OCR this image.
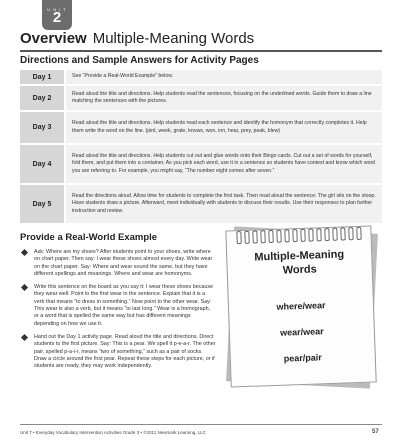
U N I T
2
Overview Multiple-Meaning Words
Directions and Sample Answers for Activity Pages
Day 1	See “Provide a Real-World Example” below.
Day 2	Read aloud the title and directions. Help students read the sentences, focusing on the underlined words. Guide them to draw a line matching the sentences with the pictures.
Day 3	Read aloud the title and directions. Help students read each sentence and identify the homonym that correctly completes it. Help them write the word on the line. (pint, week, grate, knows, won, inn, hear, prey, peak, blew)
Day 4	Read aloud the title and directions. Help students cut out and glue words onto their Bingo cards. Cut out a set of words for yourself, fold them, and put them into a container. As you pick each word, use it in a sentence so students have context and know which word you are referring to. For example, you might say, “The number eight comes after seven.”
Day 5	Read the directions aloud. Allow time for students to complete the first task. Then read aloud the sentence: The girl sits on the stoop. Have students draw a picture. Afterward, meet individually with students to discuss their results. Use their responses to plan further instruction and review.
Provide a Real-World Example
Ask: Where are my shoes? After students point to your shoes, write where on chart paper. Then say: I wear these shoes almost every day. Write wear on the chart paper. Say: Where and wear sound the same, but they have different spellings and meanings. Where and wear are homonyms.
Write this sentence on the board as you say it: I wear these shoes because they wear well. Point to the first wear in the sentence. Explain that it is a verb that means “to dress in something.” Now point to the other wear. Say: This wear is also a verb, but it means “to last long.” Wear is a homograph, or a word that is spelled the same way but has different meanings depending on how we use it.
Hand out the Day 1 activity page. Read aloud the title and directions. Direct students to the first picture. Say: This is a pear. We spell it p-e-a-r. The other pair, spelled p-a-i-r, means “two of something,” such as a pair of socks. Draw a circle around the first pear. Repeat these steps for each picture, or if students are ready, they may work independently.
Multiple-Meaning
Words
where/wear
wear/wear
pear/pair
Unit 7 • Everyday Vocabulary Intervention Activities Grade 3 • ©2011 Newmark Learning, LLC	57
